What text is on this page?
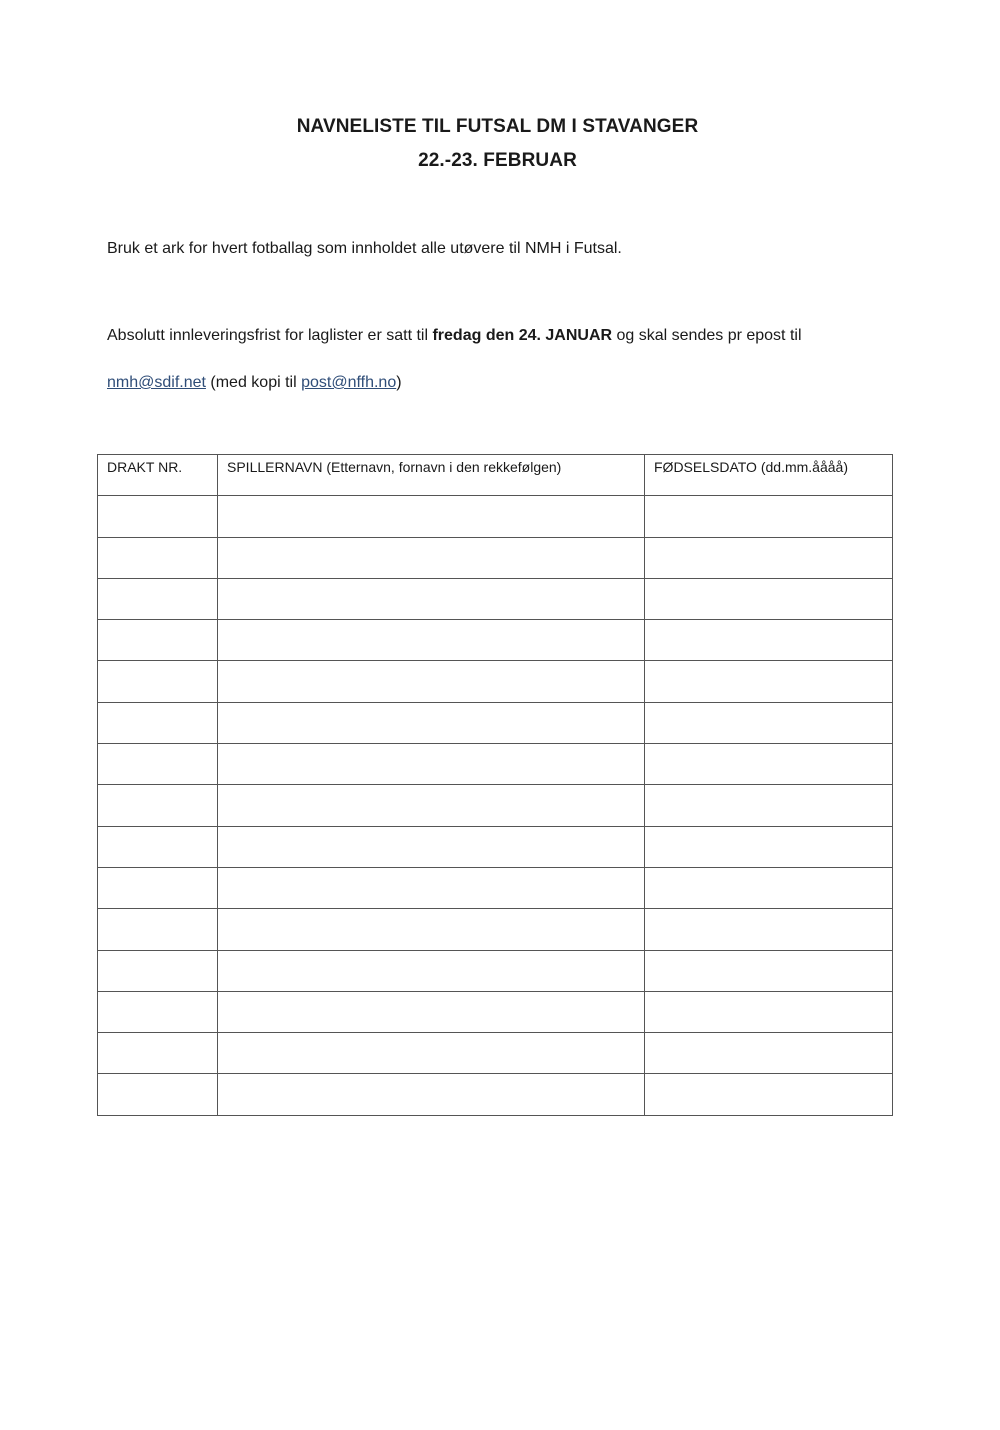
NAVNELISTE TIL FUTSAL DM I STAVANGER
22.-23. FEBRUAR
Bruk et ark for hvert fotballag som innholdet alle utøvere til NMH i Futsal.
Absolutt innleveringsfrist for laglister er satt til fredag den 24. JANUAR og skal sendes pr epost til
nmh@sdif.net (med kopi til post@nffh.no)
DRAKT NR.	SPILLERNAVN (Etternavn, fornavn i den rekkefølgen)	FØDSELSDATO (dd.mm.åååå)
